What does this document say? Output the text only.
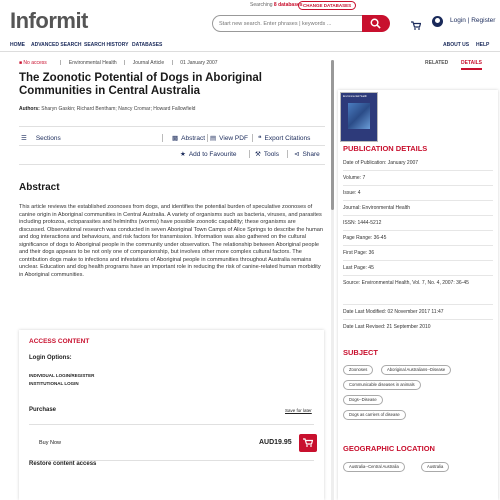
Informit
Searching 8 databases CHANGE DATABASES
Start new search. Enter phrases | keywords ...
Login | Register
HOME ADVANCED SEARCH SEARCH HISTORY DATABASES	ABOUT US HELP
■ No access	| Environmental Health | Journal Article | 01 January 2007	RELATED	DETAILS
The Zoonotic Potential of Dogs in Aboriginal Communities in Central Australia
Authors: Sharyn Gaskin; Richard Bentham; Nancy Cromar; Howard Fallowfield
☰ Sections	▩ Abstract ▤ View PDF ❝ Export Citations
★ Add to Favourite	⚒ Tools ⊲ Share
Abstract
This article reviews the established zoonoses from dogs, and identifies the potential burden of speculative zoonoses of canine origin in Aboriginal communities in Central Australia. A variety of organisms such as bacteria, viruses, and parasites including protozoa, ectoparasites and helminths (worms) have possible zoonotic capability; these organisms are discussed. Observational research was conducted in seven Aboriginal Town Camps of Alice Springs to describe the human and dog interactions and behaviours, and risk factors for transmission. Information was also gathered on the cultural significance of dogs to Aboriginal people in the community under observation. The relationship between Aboriginal people and their dogs appears to be not only one of companionship, but involves other more complex cultural factors. The contribution dogs make to infections and infestations of Aboriginal people in communities throughout Australia remains unclear. Education and dog health programs have an important role in reducing the risk of canine-related human morbidity in Aboriginal communities.
ACCESS CONTENT
Login Options:
INDIVIDUAL LOGIN/REGISTER
INSTITUTIONAL LOGIN
Purchase	Save for later
Buy Now	AUD19.95
Restore content access
Environmental Health
PUBLICATION DETAILS
Date of Publication: January 2007
Volume: 7
Issue: 4
Journal: Environmental Health
ISSN: 1444-5212
Page Range: 36-45
First Page: 36
Last Page: 45
Source: Environmental Health, Vol. 7, No. 4, 2007: 36-45
Date Last Modified: 02 November 2017 11:47
Date Last Revised: 21 September 2010
SUBJECT
Zoonoses	Aboriginal Australians--Disease
Communicable diseases in animals
Dogs--Disease
Dogs as carriers of disease
GEOGRAPHIC LOCATION
Australia--Central Australia	Australia
